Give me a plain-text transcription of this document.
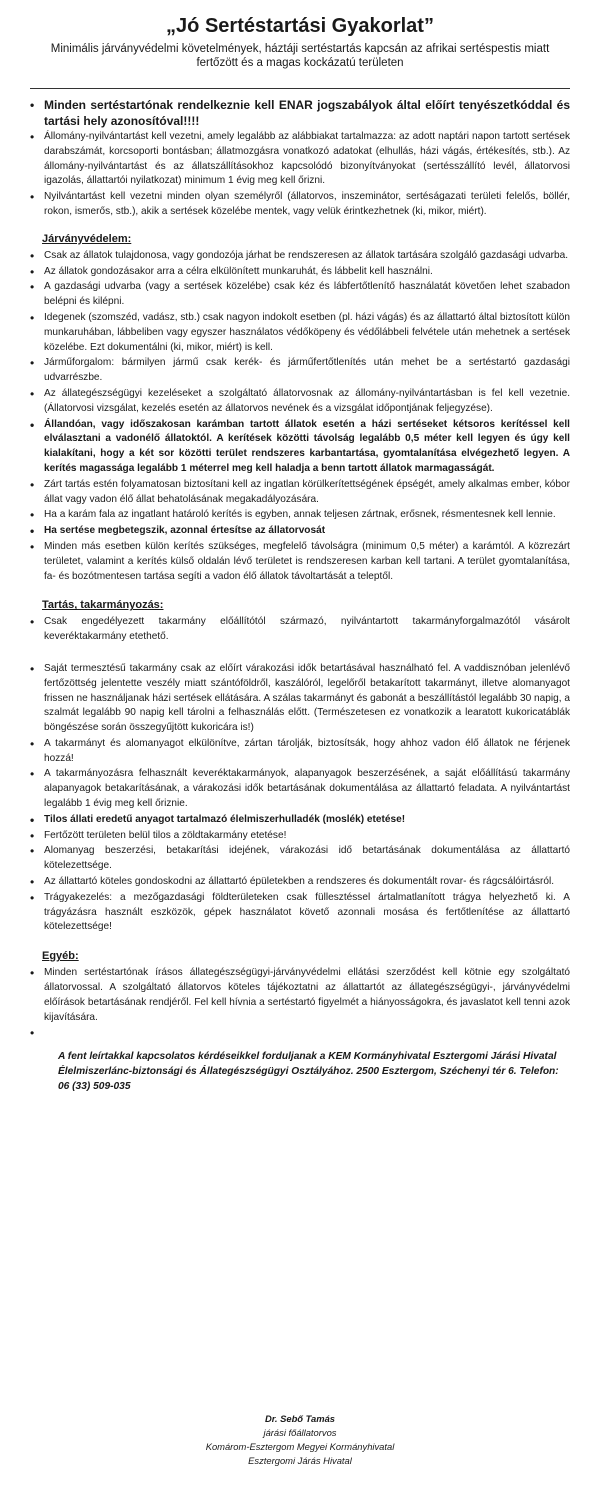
„Jó Sertéstartási Gyakorlat”

Minimális járványvédelmi követelmények, háztáji sertéstartás kapcsán az afrikai sertéspestis miatt fertőzött és a magas kockázatú területen

• Minden sertéstartónak rendelkeznie kell ENAR jogszabályok által előírt tenyészetkóddal és tartási hely azonosítóval!!!!
• Állomány-nyilvántartást kell vezetni, amely legalább az alábbiakat tartalmazza: az adott naptári napon tartott sertések darabszámát, korcsoporti bontásban; állatmozgásra vonatkozó adatokat (elhullás, házi vágás, értékesítés, stb.). Az állomány-nyilvántartást és az állatszállításokhoz kapcsolódó bizonyítványokat (sertésszállító levél, állatorvosi igazolás, állattartói nyilatkozat) minimum 1 évig meg kell őrizni.
• Nyilvántartást kell vezetni minden olyan személyről (állatorvos, inszeminátor, sertéságazati területi felelős, böllér, rokon, ismerős, stb.), akik a sertések közelébe mentek, vagy velük érintkezhetnek (ki, mikor, miért).
Járványvédelem:
• Csak az állatok tulajdonosa, vagy gondozója járhat be rendszeresen az állatok tartására szolgáló gazdasági udvarba.
• Az állatok gondozásakor arra a célra elkülönített munkaruhát, és lábbelit kell használni.
• A gazdasági udvarba (vagy a sertések közelébe) csak kéz és lábfertőtlenítő használatát követően lehet szabadon belépni és kilépni.
• Idegenek (szomszéd, vadász, stb.) csak nagyon indokolt esetben (pl. házi vágás) és az állattartó által biztosított külön munkaruhában, lábbeliben vagy egyszer használatos védőköpeny és védőlábbeli felvétele után mehetnek a sertések közelébe. Ezt dokumentálni (ki, mikor, miért) is kell.
• Járműforgalom: bármilyen jármű csak kerék- és járműfertőtlenítés után mehet be a sertéstartó gazdasági udvarrészbe.
• Az állategészségügyi kezeléseket a szolgáltató állatorvosnak az állomány-nyilvántartásban is fel kell vezetnie. (Állatorvosi vizsgálat, kezelés esetén az állatorvos nevének és a vizsgálat időpontjának feljegyzése).
• Állandóan, vagy időszakosan karámban tartott állatok esetén a házi sertéseket kétsoros kerítéssel kell elválasztani a vadonélő állatoktól. A kerítések közötti távolság legalább 0,5 méter kell legyen és úgy kell kialakítani, hogy a két sor közötti terület rendszeres karbantartása, gyomtalanítása elvégezhető legyen. A kerítés magassága legalább 1 méterrel meg kell haladja a benn tartott állatok marmagasságát.
• Zárt tartás estén folyamatosan biztosítani kell az ingatlan körülkerítettségének épségét, amely alkalmas ember, kóbor állat vagy vadon élő állat behatolásának megakadályozására.
• Ha a karám fala az ingatlant határoló kerítés is egyben, annak teljesen zártnak, erősnek, résmentesnek kell lennie.
• Ha sertése megbetegszik, azonnal értesítse az állatorvosát
• Minden más esetben külön kerítés szükséges, megfelelő távolságra (minimum 0,5 méter) a karámtól. A közrezárt területet, valamint a kerítés külső oldalán lévő területet is rendszeresen karban kell tartani. A terület gyomtalanítása, fa- és bozótmentesen tartása segíti a vadon élő állatok távoltartását a teleptől.
Tartás, takarmányozás:
• Csak engedélyezett takarmány előállítótól származó, nyilvántartott takarmányforgalmazótól vásárolt keveréktakarmány etethető.
• Saját termesztésű takarmány csak az előírt várakozási idők betartásával használható fel. A vaddisznóban jelenlévő fertőzöttség jelentette veszély miatt szántóföldről, kaszálóról, legelőről betakarított takarmányt, illetve alomanyagot frissen ne használjanak házi sertések ellátására. A szálas takarmányt és gabonát a beszállítástól legalább 30 napig, a szalmát legalább 90 napig kell tárolni a felhasználás előtt. (Természetesen ez vonatkozik a learatott kukoricatáblák böngészése során összegyűjtött kukoricára is!)
• A takarmányt és alomanyagot elkülönítve, zártan tárolják, biztosítsák, hogy ahhoz vadon élő állatok ne férjenek hozzá!
• A takarmányozásra felhasznált keveréktakarmányok, alapanyagok beszerzésének, a saját előállítású takarmány alapanyagok betakarításának, a várakozási idők betartásának dokumentálása az állattartó feladata. A nyilvántartást legalább 1 évig meg kell őriznie.
• Tilos állati eredetű anyagot tartalmazó élelmiszerhulladék (moslék) etetése!
• Fertőzött területen belül tilos a zöldtakarmány etetése!
• Alomanyag beszerzési, betakarítási idejének, várakozási idő betartásának dokumentálása az állattartó kötelezettsége.
• Az állattartó köteles gondoskodni az állattartó épületekben a rendszeres és dokumentált rovar- és rágcsálóirtásról.
• Trágyakezelés: a mezőgazdasági földterületeken csak füllesztéssel ártalmatlanított trágya helyezhető ki. A trágyázásra használt eszközök, gépek használatot követő azonnali mosása és fertőtlenítése az állattartó kötelezettsége!
Egyéb:
• Minden sertéstartónak írásos állategészségügyi-járványvédelmi ellátási szerződést kell kötnie egy szolgáltató állatorvossal. A szolgáltató állatorvos köteles tájékoztatni az állattartót az állategészségügyi-, járványvédelmi előírások betartásának rendjéről. Fel kell hívnia a sertéstartó figyelmét a hiányosságokra, és javaslatot kell tenni azok kijavítására.
•

A fent leírtakkal kapcsolatos kérdéseikkel forduljanak a KEM Kormányhivatal Esztergomi Járási Hivatal Élelmiszerlánc-biztonsági és Állategészségügyi Osztályához. 2500 Esztergom, Széchenyi tér 6. Telefon: 06 (33) 509-035

Dr. Sebő Tamás
járási főállatorvos
Komárom-Esztergom Megyei Kormányhivatal
Esztergomi Járás Hivatal
